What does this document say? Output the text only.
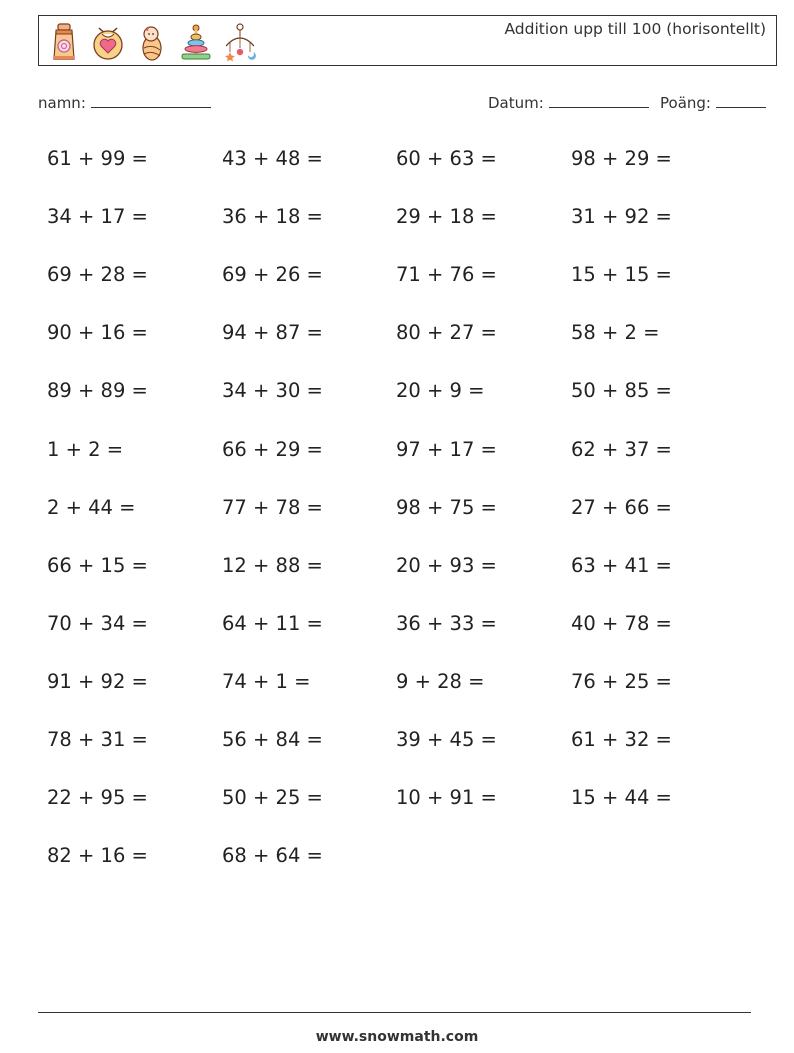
Addition upp till 100 (horisontellt)
namn:	Datum:	Poäng:
61 + 99 =	43 + 48 =	60 + 63 =	98 + 29 =
34 + 17 =	36 + 18 =	29 + 18 =	31 + 92 =
69 + 28 =	69 + 26 =	71 + 76 =	15 + 15 =
90 + 16 =	94 + 87 =	80 + 27 =	58 + 2 =
89 + 89 =	34 + 30 =	20 + 9 =	50 + 85 =
1 + 2 =	66 + 29 =	97 + 17 =	62 + 37 =
2 + 44 =	77 + 78 =	98 + 75 =	27 + 66 =
66 + 15 =	12 + 88 =	20 + 93 =	63 + 41 =
70 + 34 =	64 + 11 =	36 + 33 =	40 + 78 =
91 + 92 =	74 + 1 =	9 + 28 =	76 + 25 =
78 + 31 =	56 + 84 =	39 + 45 =	61 + 32 =
22 + 95 =	50 + 25 =	10 + 91 =	15 + 44 =
82 + 16 =	68 + 64 =
www.snowmath.com
